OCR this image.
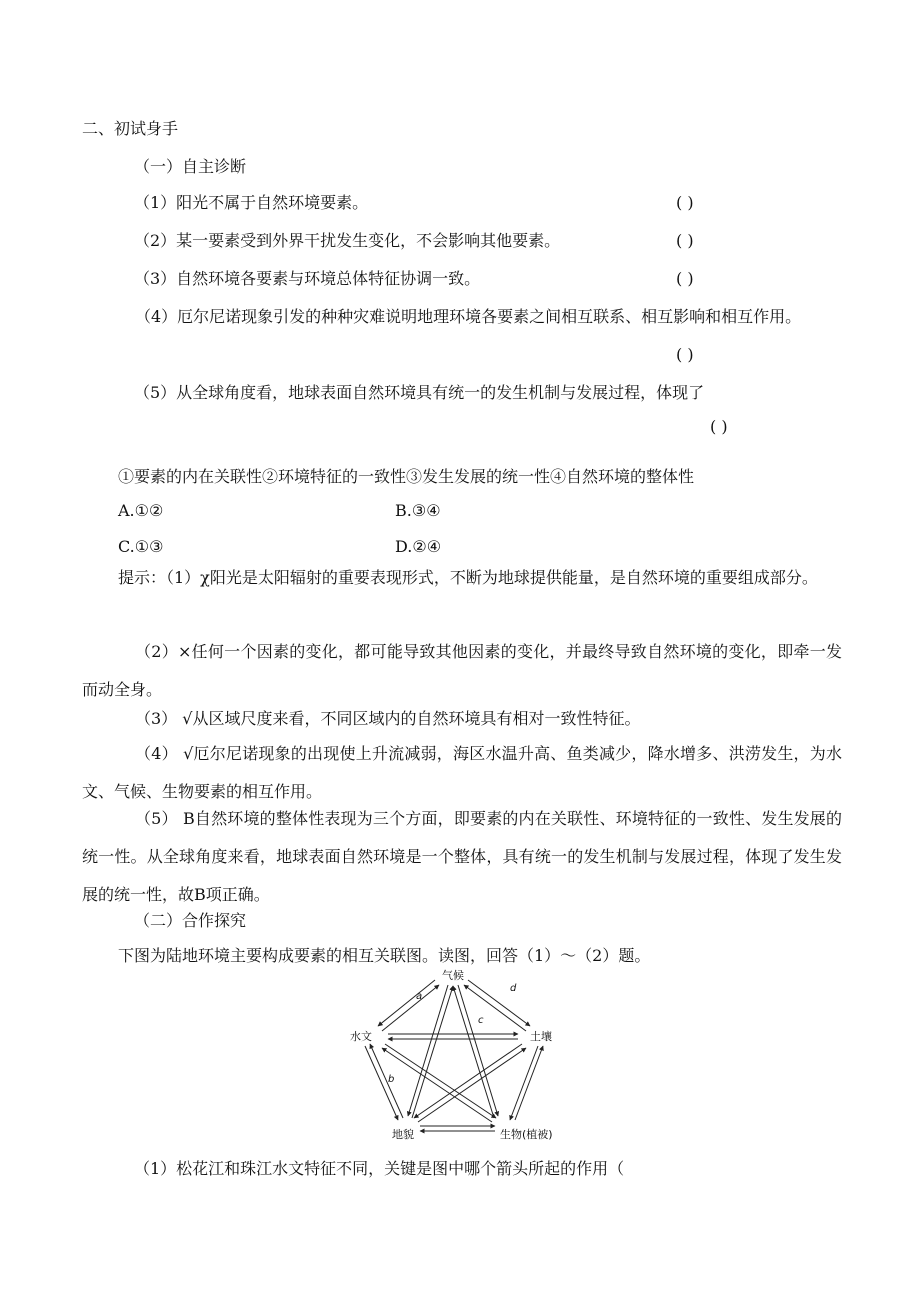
二、初试身手
（一）自主诊断
（1）阳光不属于自然环境要素。	( )
（2）某一要素受到外界干扰发生变化，不会影响其他要素。	( )
（3）自然环境各要素与环境总体特征协调一致。	( )
（4）厄尔尼诺现象引发的种种灾难说明地理环境各要素之间相互联系、相互影响和相互作用。
( )
（5）从全球角度看，地球表面自然环境具有统一的发生机制与发展过程，体现了
( )
①要素的内在关联性②环境特征的一致性③发生发展的统一性④自然环境的整体性
A.①②	B.③④
C.①③	D.②④
提示：（1）χ阳光是太阳辐射的重要表现形式，不断为地球提供能量，是自然环境的重要组成部分。
（2）×任何一个因素的变化，都可能导致其他因素的变化，并最终导致自然环境的变化，即牵一发而动全身。
（3） √从区域尺度来看，不同区域内的自然环境具有相对一致性特征。
（4） √厄尔尼诺现象的出现使上升流减弱，海区水温升高、鱼类减少，降水增多、洪涝发生，为水文、气候、生物要素的相互作用。
（5） B自然环境的整体性表现为三个方面，即要素的内在关联性、环境特征的一致性、发生发展的统一性。从全球角度来看，地球表面自然环境是一个整体，具有统一的发生机制与发展过程，体现了发生发展的统一性，故B项正确。
（二）合作探究
下图为陆地环境主要构成要素的相互关联图。读图，回答（1）～（2）题。
气候
水文	土壤
地貌	生物(植被)
a
b
c
d
（1）松花江和珠江水文特征不同，关键是图中哪个箭头所起的作用（
